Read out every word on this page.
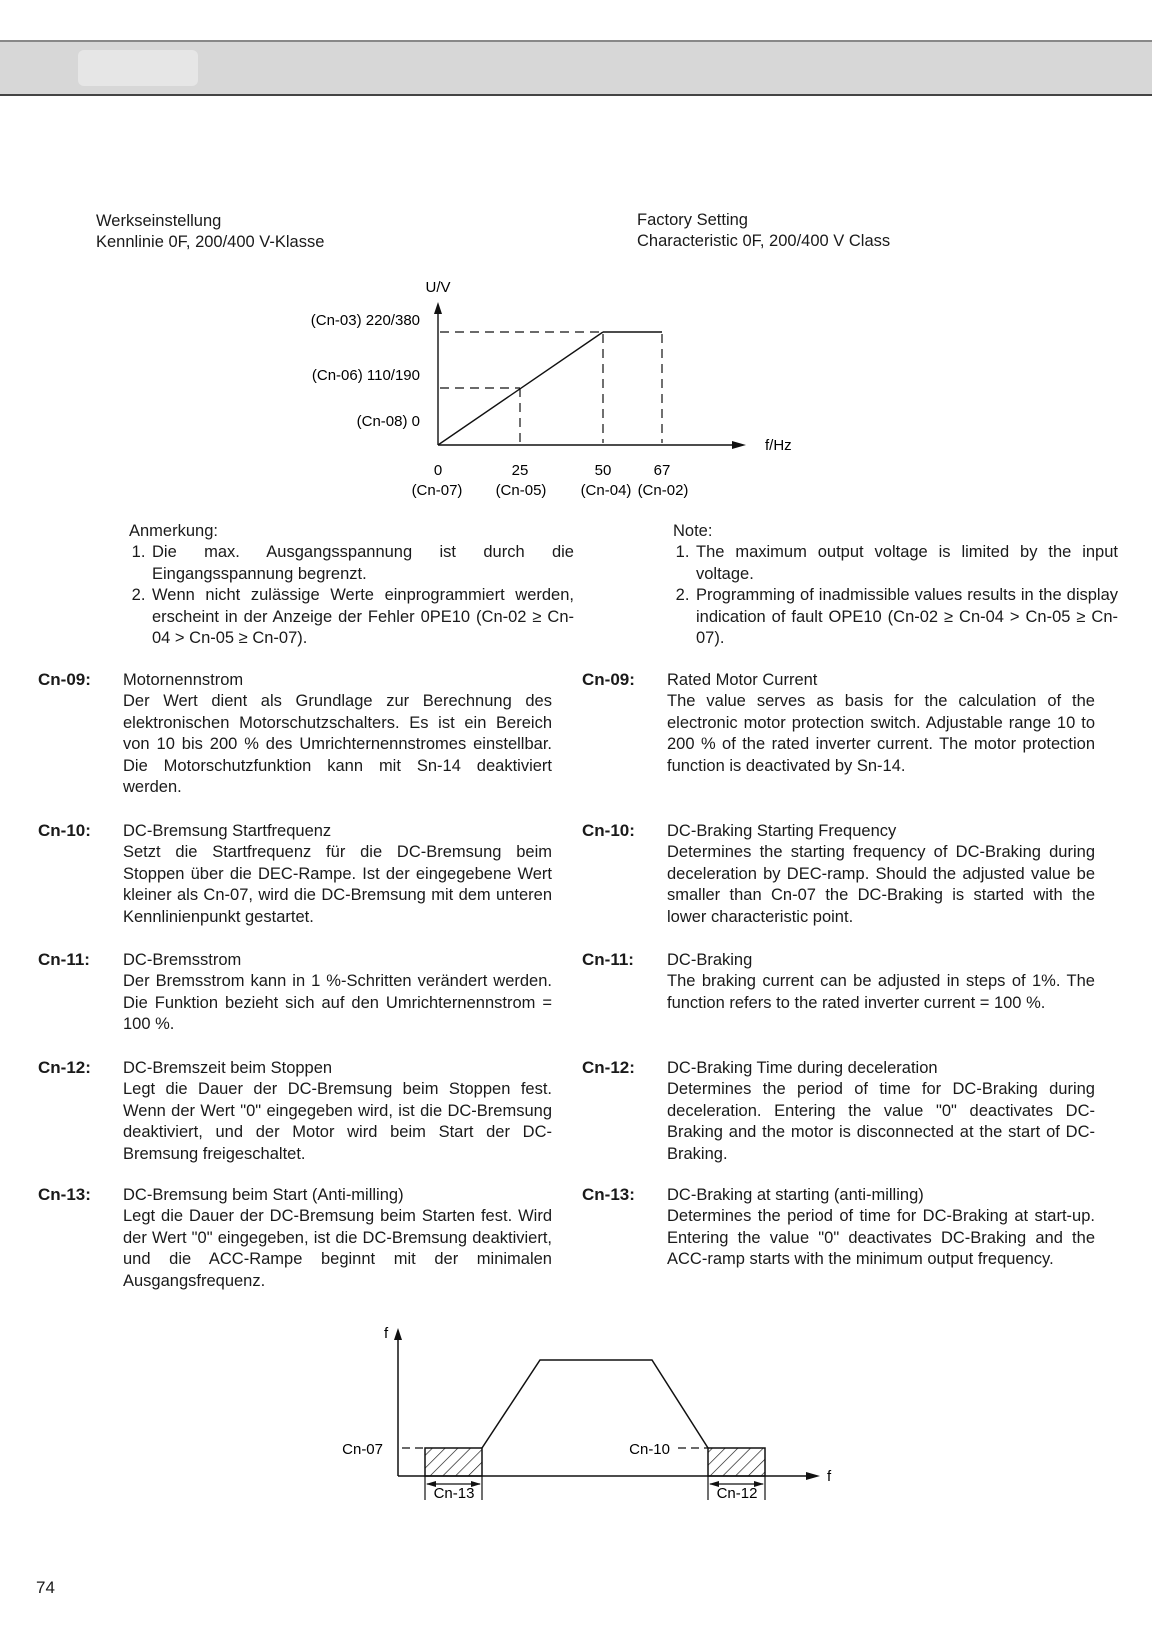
Werkseinstellung
Kennlinie 0F, 200/400 V-Klasse
Factory Setting
Characteristic 0F, 200/400 V Class
U/V
f/Hz
(Cn-03) 220/380
(Cn-06) 110/190
(Cn-08) 0
0	25	50	67
(Cn-07) (Cn-05) (Cn-04) (Cn-02)
Anmerkung:
1. Die max. Ausgangsspannung ist durch die Eingangsspannung begrenzt.
2. Wenn nicht zulässige Werte einprogrammiert werden, erscheint in der Anzeige der Fehler 0PE10 (Cn-02 ≥ Cn-04 > Cn-05 ≥ Cn-07).
Note:
1. The maximum output voltage is limited by the input voltage.
2. Programming of inadmissible values results in the display indication of fault OPE10 (Cn-02 ≥ Cn-04 > Cn-05 ≥ Cn-07).
Cn-09: Motornennstrom
Der Wert dient als Grundlage zur Berechnung des elektronischen Motorschutzschalters. Es ist ein Bereich von 10 bis 200 % des Umrichternennstromes einstellbar. Die Motorschutzfunktion kann mit Sn-14 deaktiviert werden.
Cn-09: Rated Motor Current
The value serves as basis for the calculation of the electronic motor protection switch. Adjustable range 10 to 200 % of the rated inverter current. The motor protection function is deactivated by Sn-14.
Cn-10: DC-Bremsung Startfrequenz
Setzt die Startfrequenz für die DC-Bremsung beim Stoppen über die DEC-Rampe. Ist der eingegebene Wert kleiner als Cn-07, wird die DC-Bremsung mit dem unteren Kennlinienpunkt gestartet.
Cn-10: DC-Braking Starting Frequency
Determines the starting frequency of DC-Braking during deceleration by DEC-ramp. Should the adjusted value be smaller than Cn-07 the DC-Braking is started with the lower characteristic point.
Cn-11: DC-Bremsstrom
Der Bremsstrom kann in 1 %-Schritten verändert werden. Die Funktion bezieht sich auf den Umrichternennstrom = 100 %.
Cn-11: DC-Braking
The braking current can be adjusted in steps of 1%. The function refers to the rated inverter current = 100 %.
Cn-12: DC-Bremszeit beim Stoppen
Legt die Dauer der DC-Bremsung beim Stoppen fest. Wenn der Wert "0" eingegeben wird, ist die DC-Bremsung deaktiviert, und der Motor wird beim Start der DC-Bremsung freigeschaltet.
Cn-12: DC-Braking Time during deceleration
Determines the period of time for DC-Braking during deceleration. Entering the value "0" deactivates DC-Braking and the motor is disconnected at the start of DC-Braking.
Cn-13: DC-Bremsung beim Start (Anti-milling)
Legt die Dauer der DC-Bremsung beim Starten fest. Wird der Wert "0" eingegeben, ist die DC-Bremsung deaktiviert, und die ACC-Rampe beginnt mit der minimalen Ausgangsfrequenz.
Cn-13: DC-Braking at starting (anti-milling)
Determines the period of time for DC-Braking at start-up. Entering the value "0" deactivates DC-Braking and the ACC-ramp starts with the minimum output frequency.
f
f
Cn-07	Cn-10
Cn-13	Cn-12
74
